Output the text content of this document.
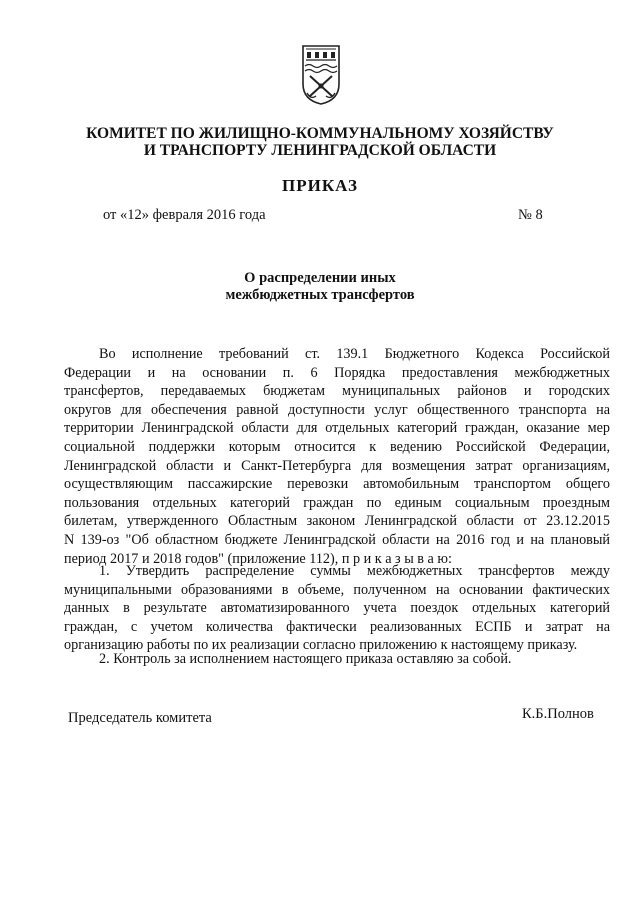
КОМИТЕТ ПО ЖИЛИЩНО-КОММУНАЛЬНОМУ ХОЗЯЙСТВУ
И ТРАНСПОРТУ ЛЕНИНГРАДСКОЙ ОБЛАСТИ
ПРИКАЗ
от «12» февраля 2016 года	№ 8
О распределении иных
межбюджетных трансфертов
Во исполнение требований ст. 139.1 Бюджетного Кодекса Российской
Федерации и на основании п. 6 Порядка предоставления межбюджетных
трансфертов, передаваемых бюджетам муниципальных районов и городских
округов для обеспечения равной доступности услуг общественного транспорта на
территории Ленинградской области для отдельных категорий граждан, оказание мер
социальной поддержки которым относится к ведению Российской Федерации,
Ленинградской области и Санкт-Петербурга для возмещения затрат организациям,
осуществляющим пассажирские перевозки автомобильным транспортом общего
пользования отдельных категорий граждан по единым социальным проездным
билетам, утвержденного Областным законом Ленинградской области от 23.12.2015
N 139-оз "Об областном бюджете Ленинградской области на 2016 год и на плановый
период 2017 и 2018 годов" (приложение 112), п р и к а з ы в а ю:
1. Утвердить распределение суммы межбюджетных трансфертов между
муниципальными образованиями в объеме, полученном на основании фактических
данных в результате автоматизированного учета поездок отдельных категорий
граждан, с учетом количества фактически реализованных ЕСПБ и затрат на
организацию работы по их реализации согласно приложению к настоящему приказу.
2. Контроль за исполнением настоящего приказа оставляю за собой.
Председатель комитета	К.Б.Полнов
